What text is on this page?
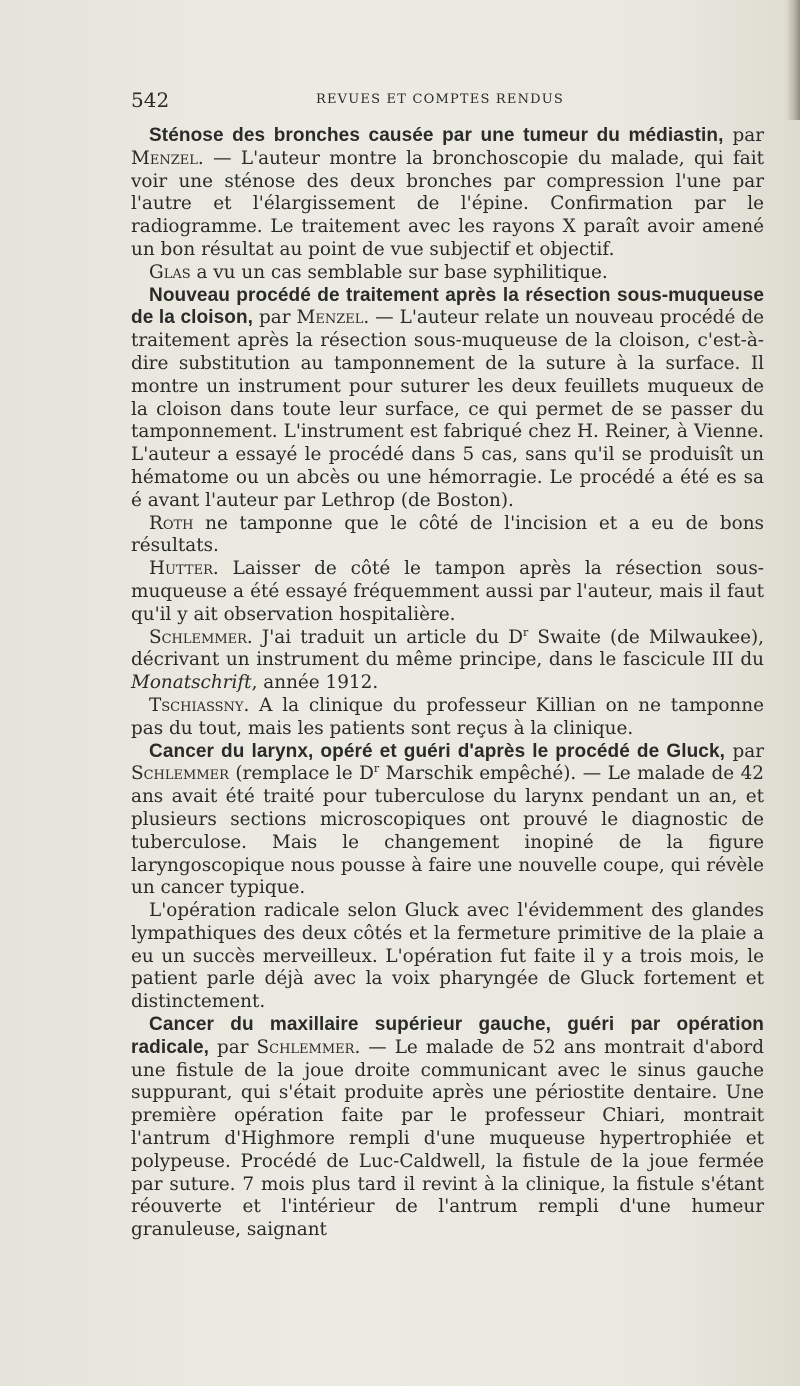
542	REVUES ET COMPTES RENDUS

Sténose des bronches causée par une tumeur du médiastin, par Menzel. — L'auteur montre la bronchoscopie du malade, qui fait voir une sténose des deux bronches par compression l'une par l'autre et l'élargissement de l'épine. Confirmation par le radiogramme. Le traitement avec les rayons X paraît avoir amené un bon résultat au point de vue subjectif et objectif.

Glas a vu un cas semblable sur base syphilitique.

Nouveau procédé de traitement après la résection sous-muqueuse de la cloison, par Menzel. — L'auteur relate un nouveau procédé de traitement après la résection sous-muqueuse de la cloison, c'est-à-dire substitution au tamponnement de la suture à la surface. Il montre un instrument pour suturer les deux feuillets muqueux de la cloison dans toute leur surface, ce qui permet de se passer du tamponnement. L'instrument est fabriqué chez H. Reiner, à Vienne. L'auteur a essayé le procédé dans 5 cas, sans qu'il se produisît un hématome ou un abcès ou une hémorragie. Le procédé a été es sa é avant l'auteur par Lethrop (de Boston).

Roth ne tamponne que le côté de l'incision et a eu de bons résultats.

Hutter. Laisser de côté le tampon après la résection sous-muqueuse a été essayé fréquemment aussi par l'auteur, mais il faut qu'il y ait observation hospitalière.

Schlemmer. J'ai traduit un article du $D^r$ Swaite (de Milwaukee), décrivant un instrument du même principe, dans le fascicule III du Monatschrift, année 1912.

Tschiassny. A la clinique du professeur Killian on ne tamponne pas du tout, mais les patients sont reçus à la clinique.

Cancer du larynx, opéré et guéri d'après le procédé de Gluck, par Schlemmer (remplace le $D^r$ Marschik empêché). — Le malade de 42 ans avait été traité pour tuberculose du larynx pendant un an, et plusieurs sections microscopiques ont prouvé le diagnostic de tuberculose. Mais le changement inopiné de la figure laryngoscopique nous pousse à faire une nouvelle coupe, qui révèle un cancer typique.

L'opération radicale selon Gluck avec l'évidemment des glandes lympathiques des deux côtés et la fermeture primitive de la plaie a eu un succès merveilleux. L'opération fut faite il y a trois mois, le patient parle déjà avec la voix pharyngée de Gluck fortement et distinctement.

Cancer du maxillaire supérieur gauche, guéri par opération radicale, par Schlemmer. — Le malade de 52 ans montrait d'abord une fistule de la joue droite communicant avec le sinus gauche suppurant, qui s'était produite après une périostite dentaire. Une première opération faite par le professeur Chiari, montrait l'antrum d'Highmore rempli d'une muqueuse hypertrophiée et polypeuse. Procédé de Luc-Caldwell, la fistule de la joue fermée par suture. 7 mois plus tard il revint à la clinique, la fistule s'étant réouverte et l'intérieur de l'antrum rempli d'une humeur granuleuse, saignant
